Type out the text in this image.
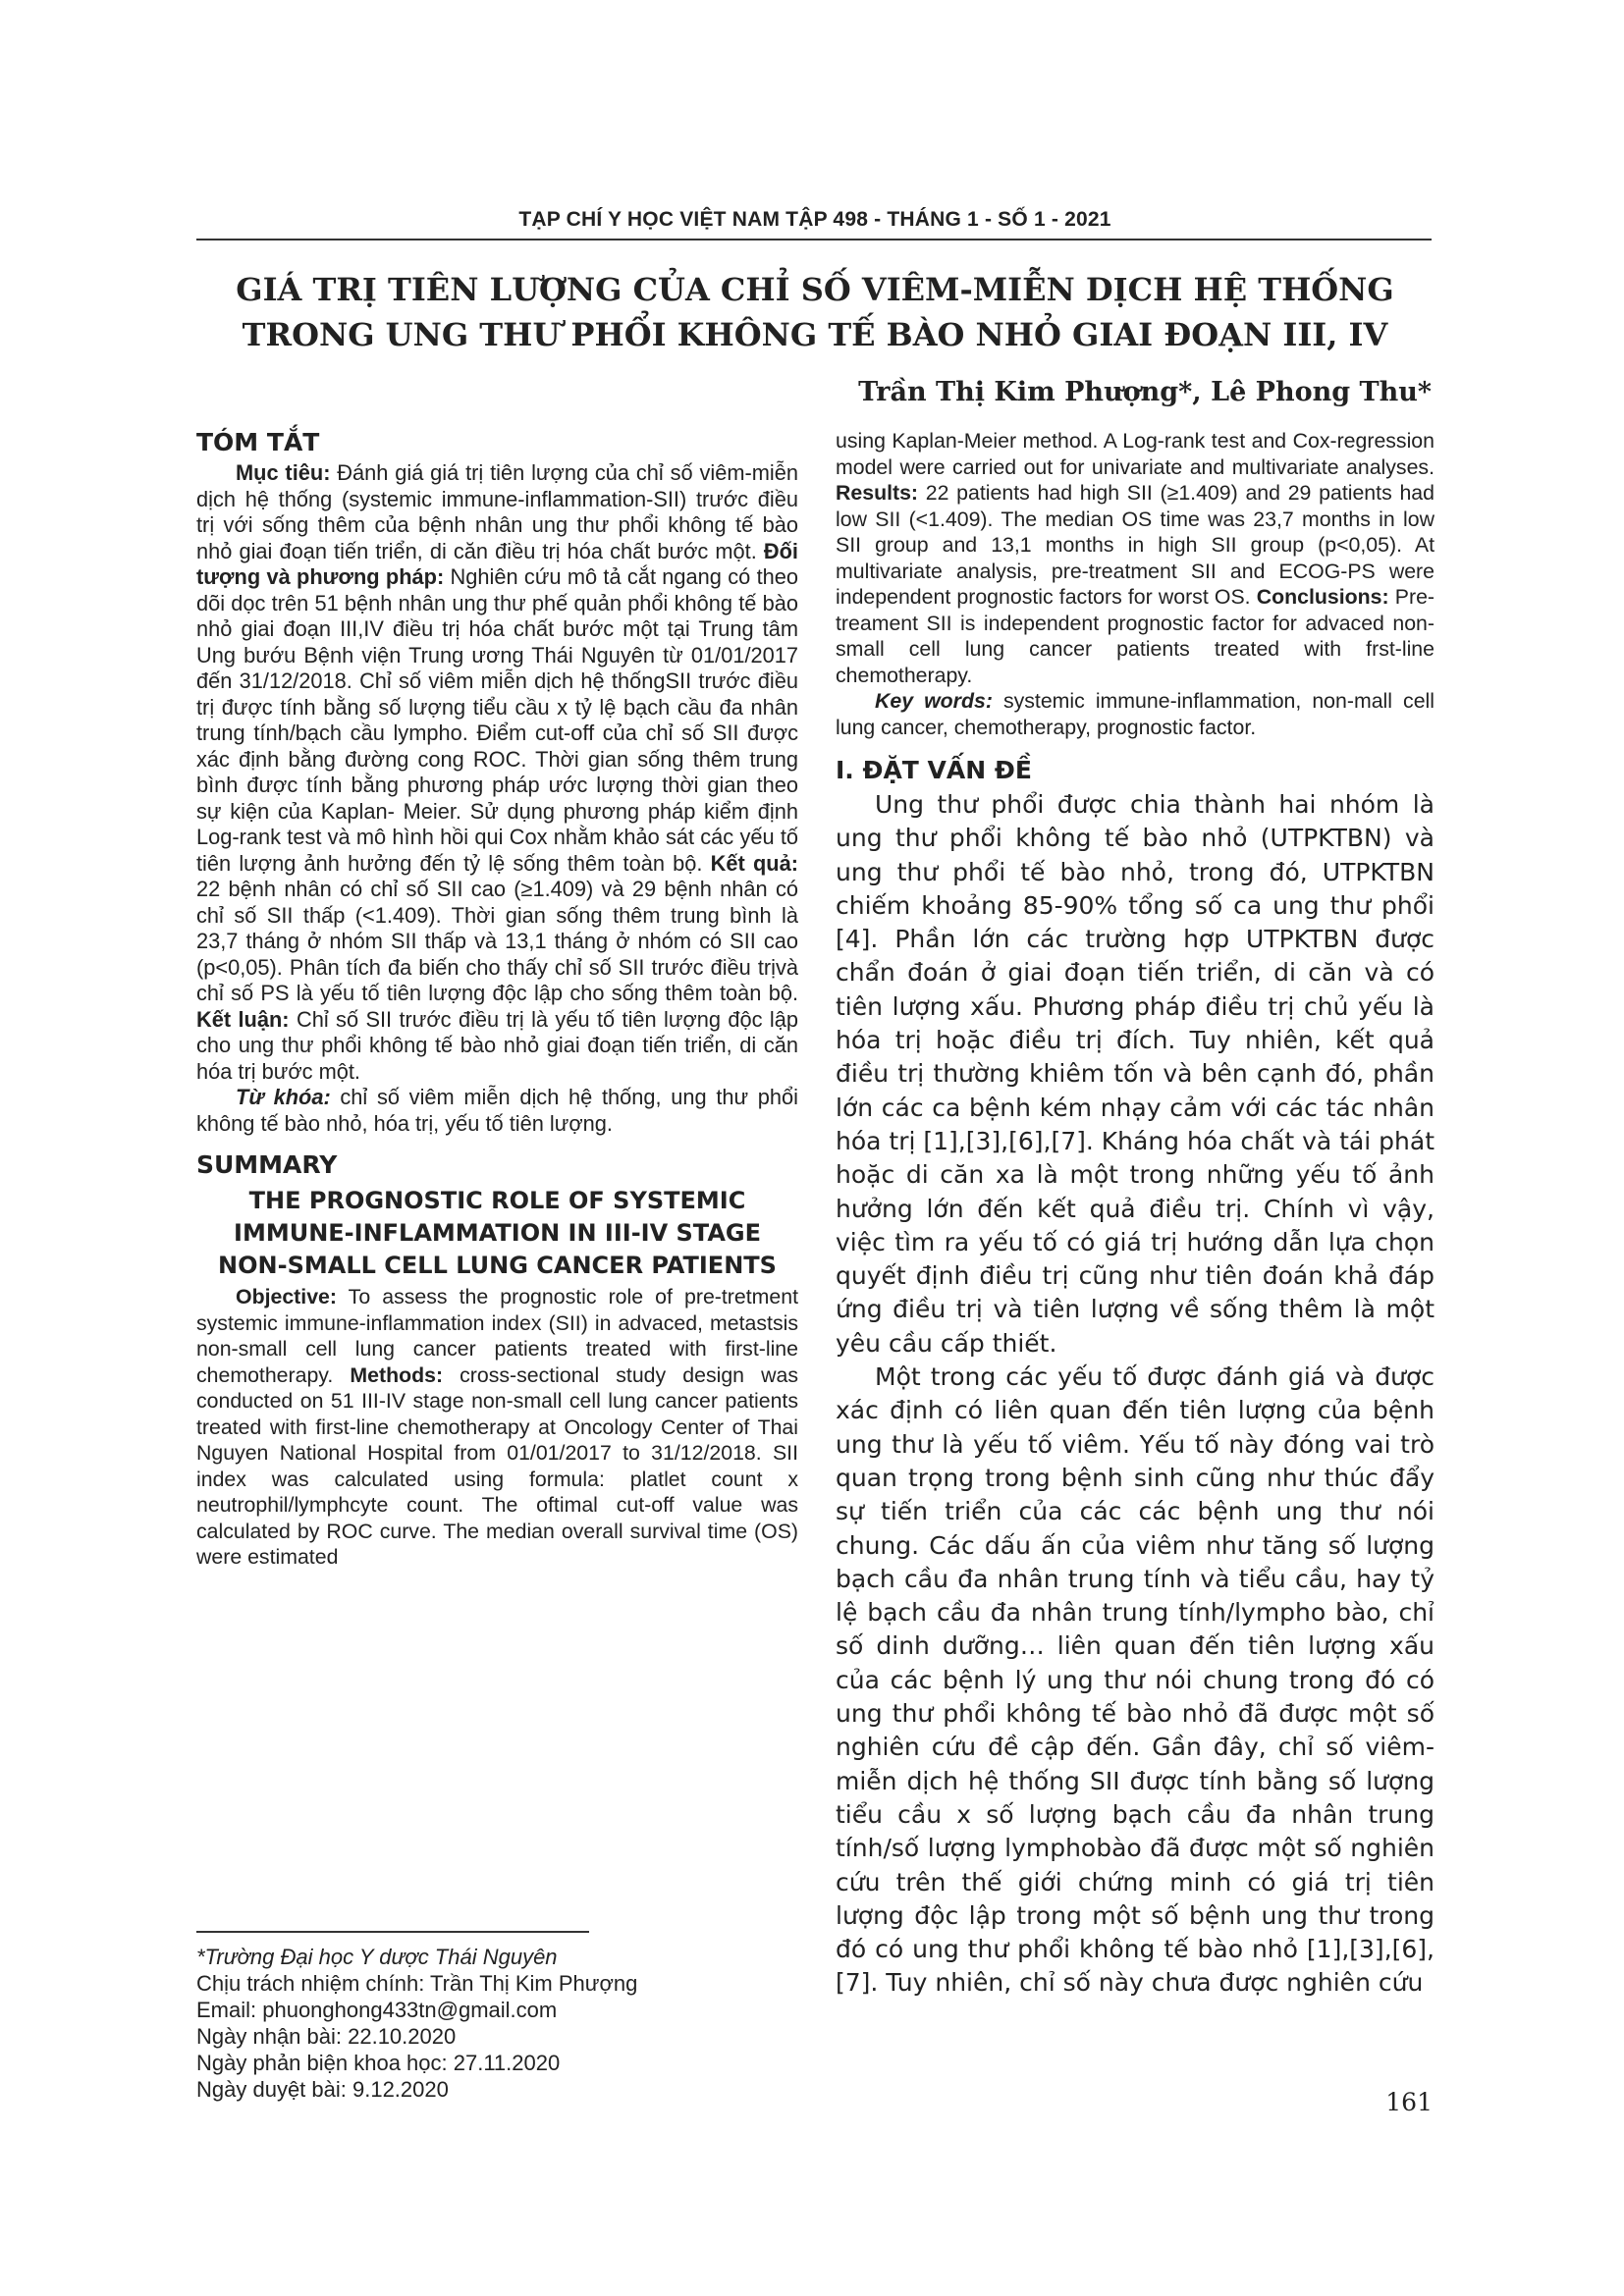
TẠP CHÍ Y HỌC VIỆT NAM TẬP 498 - THÁNG 1 - SỐ 1 - 2021
GIÁ TRỊ TIÊN LƯỢNG CỦA CHỈ SỐ VIÊM-MIỄN DỊCH HỆ THỐNG
TRONG UNG THƯ PHỔI KHÔNG TẾ BÀO NHỎ GIAI ĐOẠN III, IV
Trần Thị Kim Phượng*, Lê Phong Thu*
TÓM TẮT

Mục tiêu: Đánh giá giá trị tiên lượng của chỉ số viêm-miễn dịch hệ thống (systemic immune-inflammation-SII) trước điều trị với sống thêm của bệnh nhân ung thư phổi không tế bào nhỏ giai đoạn tiến triển, di căn điều trị hóa chất bước một. Đối tượng và phương pháp: Nghiên cứu mô tả cắt ngang có theo dõi dọc trên 51 bệnh nhân ung thư phế quản phổi không tế bào nhỏ giai đoạn III,IV điều trị hóa chất bước một tại Trung tâm Ung bướu Bệnh viện Trung ương Thái Nguyên từ 01/01/2017 đến 31/12/2018. Chỉ số viêm miễn dịch hệ thốngSII trước điều trị được tính bằng số lượng tiểu cầu x tỷ lệ bạch cầu đa nhân trung tính/bạch cầu lympho. Điểm cut-off của chỉ số SII được xác định bằng đường cong ROC. Thời gian sống thêm trung bình được tính bằng phương pháp ước lượng thời gian theo sự kiện của Kaplan- Meier. Sử dụng phương pháp kiểm định Log-rank test và mô hình hồi qui Cox nhằm khảo sát các yếu tố tiên lượng ảnh hưởng đến tỷ lệ sống thêm toàn bộ. Kết quả: 22 bệnh nhân có chỉ số SII cao (≥1.409) và 29 bệnh nhân có chỉ số SII thấp (<1.409). Thời gian sống thêm trung bình là 23,7 tháng ở nhóm SII thấp và 13,1 tháng ở nhóm có SII cao (p<0,05). Phân tích đa biến cho thấy chỉ số SII trước điều trịvà chỉ số PS là yếu tố tiên lượng độc lập cho sống thêm toàn bộ. Kết luận: Chỉ số SII trước điều trị là yếu tố tiên lượng độc lập cho ung thư phổi không tế bào nhỏ giai đoạn tiến triển, di căn hóa trị bước một.

Từ khóa: chỉ số viêm miễn dịch hệ thống, ung thư phổi không tế bào nhỏ, hóa trị, yếu tố tiên lượng.

SUMMARY
THE PROGNOSTIC ROLE OF SYSTEMIC IMMUNE-INFLAMMATION IN III-IV STAGE NON-SMALL CELL LUNG CANCER PATIENTS

Objective: To assess the prognostic role of pre-tretment systemic immune-inflammation index (SII) in advaced, metastsis non-small cell lung cancer patients treated with first-line chemotherapy. Methods: cross-sectional study design was conducted on 51 III-IV stage non-small cell lung cancer patients treated with first-line chemotherapy at Oncology Center of Thai Nguyen National Hospital from 01/01/2017 to 31/12/2018. SII index was calculated using formula: platlet count x neutrophil/lymphcyte count. The oftimal cut-off value was calculated by ROC curve. The median overall survival time (OS) were estimated

using Kaplan-Meier method. A Log-rank test and Cox-regression model were carried out for univariate and multivariate analyses. Results: 22 patients had high SII (≥1.409) and 29 patients had low SII (<1.409). The median OS time was 23,7 months in low SII group and 13,1 months in high SII group (p<0,05). At multivariate analysis, pre-treatment SII and ECOG-PS were independent prognostic factors for worst OS. Conclusions: Pre-treament SII is independent prognostic factor for advaced non-small cell lung cancer patients treated with frst-line chemotherapy.

Key words: systemic immune-inflammation, non-mall cell lung cancer, chemotherapy, prognostic factor.

I. ĐẶT VẤN ĐỀ

Ung thư phổi được chia thành hai nhóm là ung thư phổi không tế bào nhỏ (UTPKTBN) và ung thư phổi tế bào nhỏ, trong đó, UTPKTBN chiếm khoảng 85-90% tổng số ca ung thư phổi [4]. Phần lớn các trường hợp UTPKTBN được chẩn đoán ở giai đoạn tiến triển, di căn và có tiên lượng xấu. Phương pháp điều trị chủ yếu là hóa trị hoặc điều trị đích. Tuy nhiên, kết quả điều trị thường khiêm tốn và bên cạnh đó, phần lớn các ca bệnh kém nhạy cảm với các tác nhân hóa trị [1],[3],[6],[7]. Kháng hóa chất và tái phát hoặc di căn xa là một trong những yếu tố ảnh hưởng lớn đến kết quả điều trị. Chính vì vậy, việc tìm ra yếu tố có giá trị hướng dẫn lựa chọn quyết định điều trị cũng như tiên đoán khả đáp ứng điều trị và tiên lượng về sống thêm là một yêu cầu cấp thiết.

Một trong các yếu tố được đánh giá và được xác định có liên quan đến tiên lượng của bệnh ung thư là yếu tố viêm. Yếu tố này đóng vai trò quan trọng trong bệnh sinh cũng như thúc đẩy sự tiến triển của các các bệnh ung thư nói chung. Các dấu ấn của viêm như tăng số lượng bạch cầu đa nhân trung tính và tiểu cầu, hay tỷ lệ bạch cầu đa nhân trung tính/lympho bào, chỉ số dinh dưỡng… liên quan đến tiên lượng xấu của các bệnh lý ung thư nói chung trong đó có ung thư phổi không tế bào nhỏ đã được một số nghiên cứu đề cập đến. Gần đây, chỉ số viêm-miễn dịch hệ thống SII được tính bằng số lượng tiểu cầu x số lượng bạch cầu đa nhân trung tính/số lượng lymphobào đã được một số nghiên cứu trên thế giới chứng minh có giá trị tiên lượng độc lập trong một số bệnh ung thư trong đó có ung thư phổi không tế bào nhỏ [1],[3],[6],[7]. Tuy nhiên, chỉ số này chưa được nghiên cứu

*Trường Đại học Y dược Thái Nguyên
Chịu trách nhiệm chính: Trần Thị Kim Phượng
Email: phuonghong433tn@gmail.com
Ngày nhận bài: 22.10.2020
Ngày phản biện khoa học: 27.11.2020
Ngày duyệt bài: 9.12.2020	161
